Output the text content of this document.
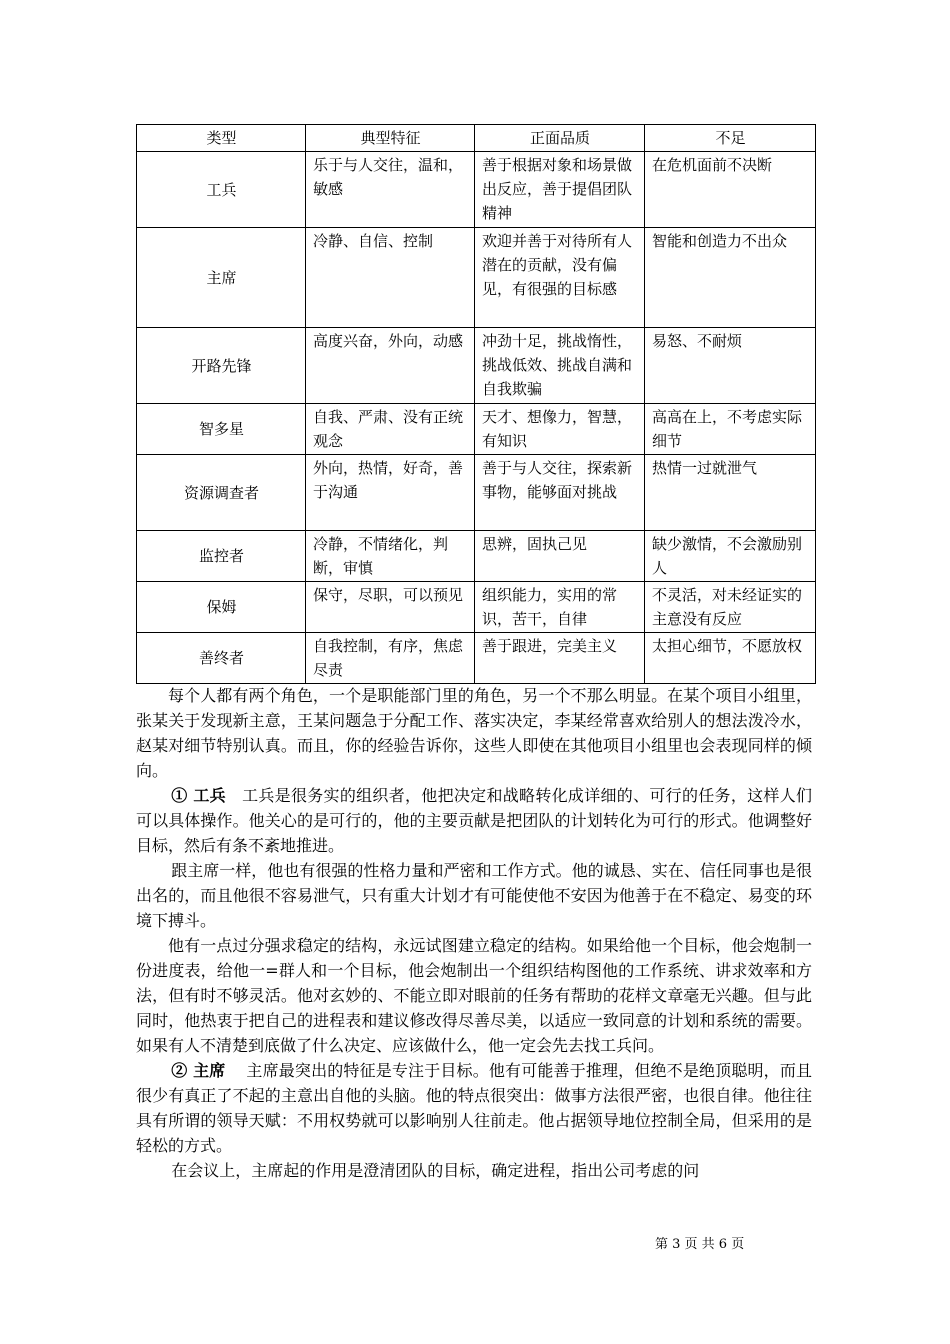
类型	典型特征	正面品质	不足
工兵	乐于与人交往，温和，敏感	善于根据对象和场景做出反应，善于提倡团队精神	在危机面前不决断
主席	冷静、自信、控制	欢迎并善于对待所有人潜在的贡献，没有偏见，有很强的目标感	智能和创造力不出众
开路先锋	高度兴奋，外向，动感	冲劲十足，挑战惰性，挑战低效、挑战自满和自我欺骗	易怒、不耐烦
智多星	自我、严肃、没有正统观念	天才、想像力，智慧，有知识	高高在上，不考虑实际细节
资源调查者	外向，热情，好奇，善于沟通	善于与人交往，探索新事物，能够面对挑战	热情一过就泄气
监控者	冷静，不情绪化，判断，审慎	思辨，固执己见	缺少激情，不会激励别人
保姆	保守，尽职，可以预见	组织能力，实用的常识，苦干，自律	不灵活，对未经证实的主意没有反应
善终者	自我控制，有序，焦虑尽责	善于跟进，完美主义	太担心细节，不愿放权

每个人都有两个角色，一个是职能部门里的角色，另一个不那么明显。在某个项目小组里，张某关于发现新主意，王某问题急于分配工作、落实决定，李某经常喜欢给别人的想法泼冷水，赵某对细节特别认真。而且，你的经验告诉你，这些人即使在其他项目小组里也会表现同样的倾向。

① 工兵 工兵是很务实的组织者，他把决定和战略转化成详细的、可行的任务，这样人们可以具体操作。他关心的是可行的，他的主要贡献是把团队的计划转化为可行的形式。他调整好目标，然后有条不紊地推进。

跟主席一样，他也有很强的性格力量和严密和工作方式。他的诚恳、实在、信任同事也是很出名的，而且他很不容易泄气，只有重大计划才有可能使他不安因为他善于在不稳定、易变的环境下搏斗。

他有一点过分强求稳定的结构，永远试图建立稳定的结构。如果给他一个目标，他会炮制一份进度表，给他一=群人和一个目标，他会炮制出一个组织结构图他的工作系统、讲求效率和方法，但有时不够灵活。他对玄妙的、不能立即对眼前的任务有帮助的花样文章毫无兴趣。但与此同时，他热衷于把自己的进程表和建议修改得尽善尽美，以适应一致同意的计划和系统的需要。如果有人不清楚到底做了什么决定、应该做什么，他一定会先去找工兵问。

② 主席 主席最突出的特征是专注于目标。他有可能善于推理，但绝不是绝顶聪明，而且很少有真正了不起的主意出自他的头脑。他的特点很突出：做事方法很严密，也很自律。他往往具有所谓的领导天赋：不用权势就可以影响别人往前走。他占据领导地位控制全局，但采用的是轻松的方式。

在会议上，主席起的作用是澄清团队的目标，确定进程，指出公司考虑的问

第 3 页 共 6 页
